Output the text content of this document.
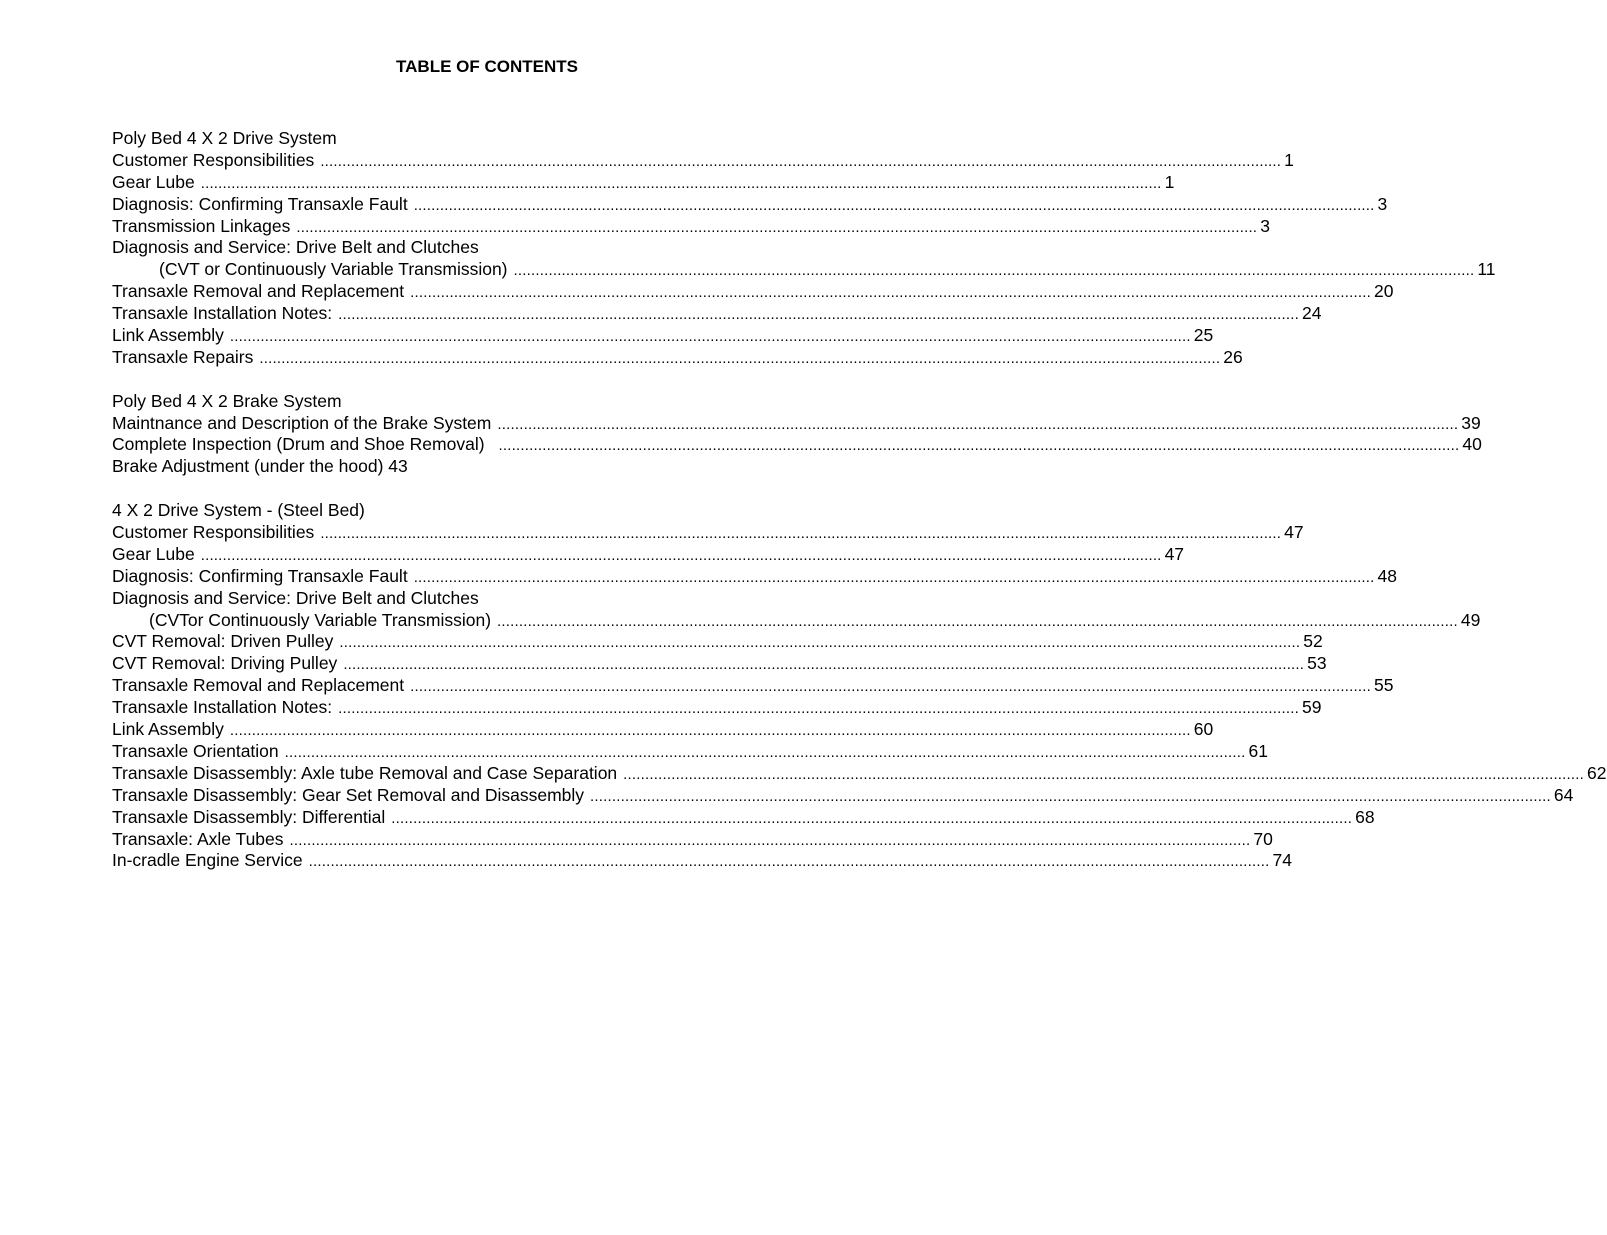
TABLE OF CONTENTS
Poly Bed 4 X 2 Drive System
Customer Responsibilities ............................................................................................................................................................................................................................ 1
Gear Lube ............................................................................................................................................................................................................................ 1
Diagnosis: Confirming Transaxle Fault ............................................................................................................................................................................................................................ 3
Transmission Linkages ............................................................................................................................................................................................................................ 3
Diagnosis and Service: Drive Belt and Clutches
(CVT or Continuously Variable Transmission) ............................................................................................................................................................................................................................ 11
Transaxle Removal and Replacement ............................................................................................................................................................................................................................ 20
Transaxle Installation Notes: ............................................................................................................................................................................................................................ 24
Link Assembly ............................................................................................................................................................................................................................ 25
Transaxle Repairs ............................................................................................................................................................................................................................ 26
Poly Bed 4 X 2 Brake System
Maintnance and Description of the Brake System ............................................................................................................................................................................................................................ 39
Complete Inspection (Drum and Shoe Removal) ............................................................................................................................................................................................................................ 40
Brake Adjustment (under the hood) 43
4 X 2 Drive System - (Steel Bed)
Customer Responsibilities ............................................................................................................................................................................................................................ 47
Gear Lube ............................................................................................................................................................................................................................ 47
Diagnosis: Confirming Transaxle Fault ............................................................................................................................................................................................................................ 48
Diagnosis and Service: Drive Belt and Clutches
(CVTor Continuously Variable Transmission) ............................................................................................................................................................................................................................ 49
CVT Removal: Driven Pulley ............................................................................................................................................................................................................................ 52
CVT Removal: Driving Pulley ............................................................................................................................................................................................................................ 53
Transaxle Removal and Replacement ............................................................................................................................................................................................................................ 55
Transaxle Installation Notes: ............................................................................................................................................................................................................................ 59
Link Assembly ............................................................................................................................................................................................................................ 60
Transaxle Orientation ............................................................................................................................................................................................................................ 61
Transaxle Disassembly: Axle tube Removal and Case Separation ............................................................................................................................................................................................................................ 62
Transaxle Disassembly: Gear Set Removal and Disassembly ............................................................................................................................................................................................................................ 64
Transaxle Disassembly: Differential ............................................................................................................................................................................................................................ 68
Transaxle: Axle Tubes ............................................................................................................................................................................................................................ 70
In-cradle Engine Service ............................................................................................................................................................................................................................ 74
